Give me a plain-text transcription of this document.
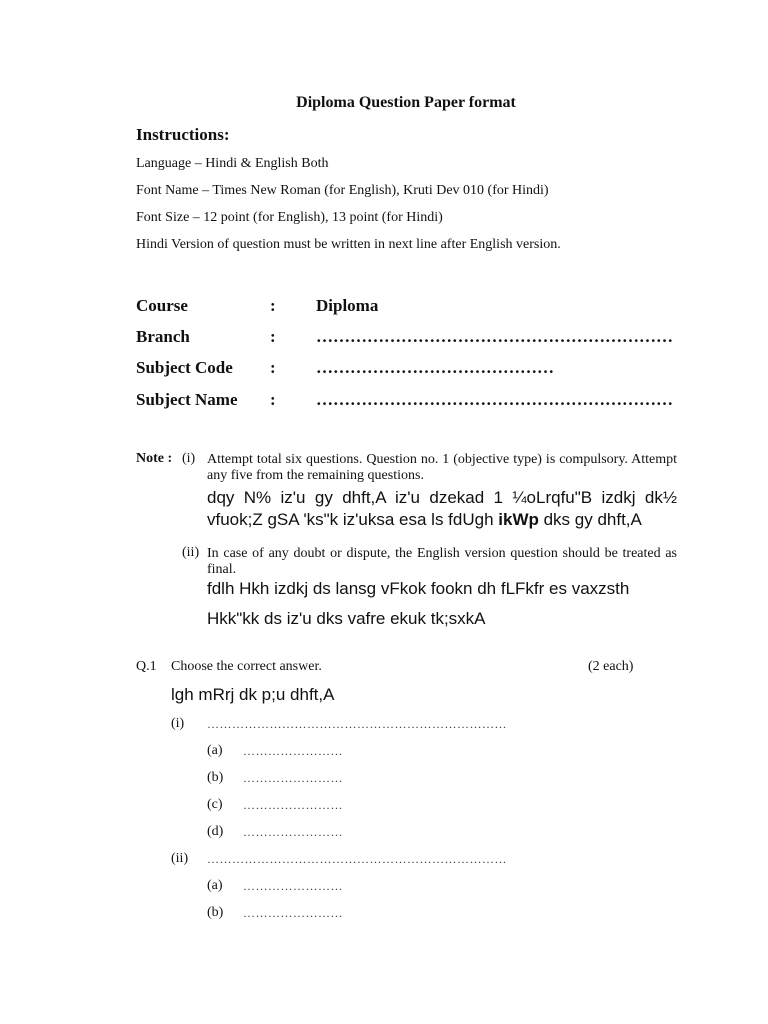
Diploma Question Paper format
Instructions:
Language – Hindi & English Both
Font Name – Times New Roman (for English), Kruti Dev 010 (for Hindi)
Font Size – 12 point (for English), 13 point (for Hindi)
Hindi Version of question must be written in next line after English version.
Course	: Diploma
Branch	: ………………………………………………………
Subject Code : ……………………………………
Subject Name : ………………………………………………………
Note : (i) Attempt total six questions. Question no. 1 (objective type) is compulsory. Attempt any five from the remaining questions.
dqy N% iz'u gy dhft,A iz'u dzekad 1 ¼oLrqfu"B izdkj dk½ vfuok;Z gSA 'ks"k iz'uksa esa ls fdUgh ikWp dks gy dhft,A
(ii) In case of any doubt or dispute, the English version question should be treated as final.
fdlh Hkh izdkj ds lansg vFkok fookn dh fLFkfr es vaxzsth
Hkk"kk ds iz'u dks vafre ekuk tk;sxkA
Q.1 Choose the correct answer.	(2 each)
lgh mRrj dk p;u dhft,A
(i) ………………………………………………………………
(a) ……………………
(b) ……………………
(c) ……………………
(d) ……………………
(ii) ………………………………………………………………
(a) ……………………
(b) ……………………
